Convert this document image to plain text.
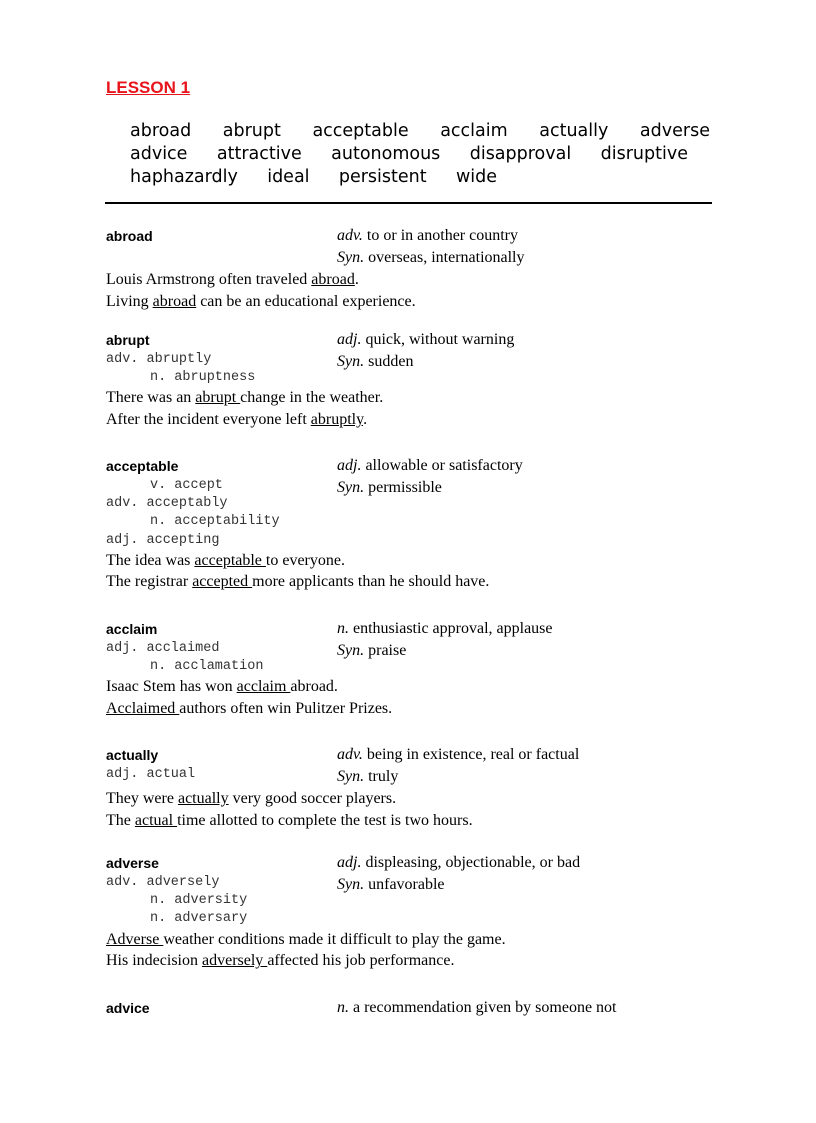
LESSON 1
abroad abrupt acceptable acclaim actually adverse
advice attractive autonomous disapproval disruptive
haphazardly ideal persistent wide
abroad	adv. to or in another country
Syn. overseas, internationally
Louis Armstrong often traveled abroad.
Living abroad can be an educational experience.
abrupt
adv. abruptly
n. abruptness
adj. quick, without warning
Syn. sudden
There was an abrupt change in the weather.
After the incident everyone left abruptly.
acceptable
v. accept
adv. acceptably
n. acceptability
adj. accepting
adj. allowable or satisfactory
Syn. permissible
The idea was acceptable to everyone.
The registrar accepted more applicants than he should have.
acclaim
adj. acclaimed
n. acclamation
n. enthusiastic approval, applause
Syn. praise
Isaac Stem has won acclaim abroad.
Acclaimed authors often win Pulitzer Prizes.
actually
adj. actual
adv. being in existence, real or factual
Syn. truly
They were actually very good soccer players.
The actual time allotted to complete the test is two hours.
adverse
adv. adversely
n. adversity
n. adversary
adj. displeasing, objectionable, or bad
Syn. unfavorable
Adverse weather conditions made it difficult to play the game.
His indecision adversely affected his job performance.
advice	n. a recommendation given by someone not
